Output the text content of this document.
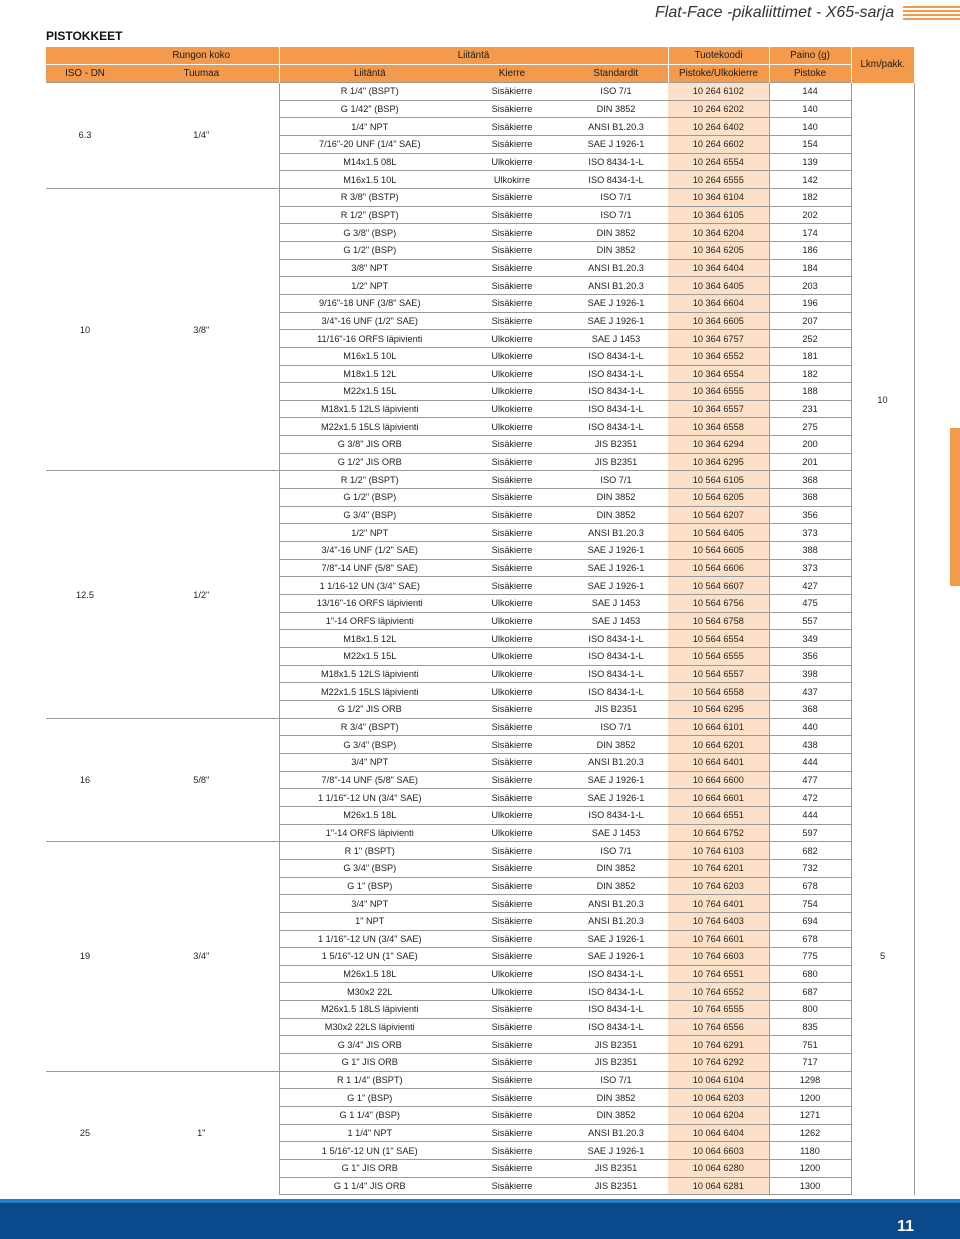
Flat-Face -pikaliittimet - X65-sarja
PISTOKKEET
	Rungon koko	Liitäntä			Tuotekoodi	Paino (g)	Lkm/pakk.
ISO - DN	Tuumaa	Liitäntä	Kierre	Standardit	Pistoke/Ulkokierre	Pistoke	
6.3	1/4"	R 1/4" (BSPT)	Sisäkierre	ISO 7/1	10 264 6102	144	10
		G 1/42" (BSP)	Sisäkierre	DIN 3852	10 264 6202	140	
		1/4" NPT	Sisäkierre	ANSI B1.20.3	10 264 6402	140	
		7/16"-20 UNF (1/4" SAE)	Sisäkierre	SAE J 1926-1	10 264 6602	154	
		M14x1.5 08L	Ulkokierre	ISO 8434-1-L	10 264 6554	139	
		M16x1.5 10L	Ulkokirre	ISO 8434-1-L	10 264 6555	142	
10	3/8"	R 3/8" (BSTP)	Sisäkierre	ISO 7/1	10 364 6104	182	
		R 1/2" (BSPT)	Sisäkierre	ISO 7/1	10 364 6105	202	
		G 3/8" (BSP)	Sisäkierre	DIN 3852	10 364 6204	174	
		G 1/2" (BSP)	Sisäkierre	DIN 3852	10 364 6205	186	
		3/8" NPT	Sisäkierre	ANSI B1.20.3	10 364 6404	184	
		1/2" NPT	Sisäkierre	ANSI B1.20.3	10 364 6405	203	
		9/16"-18 UNF (3/8" SAE)	Sisäkierre	SAE J 1926-1	10 364 6604	196	
		3/4"-16 UNF (1/2" SAE)	Sisäkierre	SAE J 1926-1	10 364 6605	207	
		11/16"-16 ORFS läpivienti	Ulkokierre	SAE J 1453	10 364 6757	252	
		M16x1.5 10L	Ulkokierre	ISO 8434-1-L	10 364 6552	181	
		M18x1.5 12L	Ulkokierre	ISO 8434-1-L	10 364 6554	182	
		M22x1.5 15L	Ulkokierre	ISO 8434-1-L	10 364 6555	188	
		M18x1.5 12LS läpivienti	Ulkokierre	ISO 8434-1-L	10 364 6557	231	
		M22x1.5 15LS läpivienti	Ulkokierre	ISO 8434-1-L	10 364 6558	275	
		G 3/8" JIS ORB	Sisäkierre	JIS B2351	10 364 6294	200	
		G 1/2" JIS ORB	Sisäkierre	JIS B2351	10 364 6295	201	
12.5	1/2"	R 1/2" (BSPT)	Sisäkierre	ISO 7/1	10 564 6105	368	
		G 1/2" (BSP)	Sisäkierre	DIN 3852	10 564 6205	368	
		G 3/4" (BSP)	Sisäkierre	DIN 3852	10 564 6207	356	
		1/2" NPT	Sisäkierre	ANSI B1.20.3	10 564 6405	373	
		3/4"-16 UNF (1/2" SAE)	Sisäkierre	SAE J 1926-1	10 564 6605	388	
		7/8"-14 UNF (5/8" SAE)	Sisäkierre	SAE J 1926-1	10 564 6606	373	
		1 1/16-12 UN (3/4" SAE)	Sisäkierre	SAE J 1926-1	10 564 6607	427	
		13/16"-16 ORFS läpivienti	Ulkokierre	SAE J 1453	10 564 6756	475	
		1"-14 ORFS läpivienti	Ulkokierre	SAE J 1453	10 564 6758	557	
		M18x1.5 12L	Ulkokierre	ISO 8434-1-L	10 564 6554	349	
		M22x1.5 15L	Ulkokierre	ISO 8434-1-L	10 564 6555	356	
		M18x1.5 12LS läpivienti	Ulkokierre	ISO 8434-1-L	10 564 6557	398	
		M22x1.5 15LS läpivienti	Ulkokierre	ISO 8434-1-L	10 564 6558	437	
		G 1/2" JIS ORB	Sisäkierre	JIS B2351	10 564 6295	368	
16	5/8"	R 3/4" (BSPT)	Sisäkierre	ISO 7/1	10 664 6101	440	5
		G 3/4" (BSP)	Sisäkierre	DIN 3852	10 664 6201	438	
		3/4" NPT	Sisäkierre	ANSI B1.20.3	10 664 6401	444	
		7/8"-14 UNF (5/8" SAE)	Sisäkierre	SAE J 1926-1	10 664 6600	477	
		1 1/16"-12 UN (3/4" SAE)	Sisäkierre	SAE J 1926-1	10 664 6601	472	
		M26x1.5 18L	Ulkokierre	ISO 8434-1-L	10 664 6551	444	
		1"-14 ORFS läpivienti	Ulkokierre	SAE J 1453	10 664 6752	597	
19	3/4"	R 1" (BSPT)	Sisäkierre	ISO 7/1	10 764 6103	682	
		G 3/4" (BSP)	Sisäkierre	DIN 3852	10 764 6201	732	
		G 1" (BSP)	Sisäkierre	DIN 3852	10 764 6203	678	
		3/4" NPT	Sisäkierre	ANSI B1.20.3	10 764 6401	754	
		1" NPT	Sisäkierre	ANSI B1.20.3	10 764 6403	694	
		1 1/16"-12 UN (3/4" SAE)	Sisäkierre	SAE J 1926-1	10 764 6601	678	
		1 5/16"-12 UN (1" SAE)	Sisäkierre	SAE J 1926-1	10 764 6603	775	
		M26x1.5 18L	Ulkokierre	ISO 8434-1-L	10 764 6551	680	
		M30x2 22L	Ulkokierre	ISO 8434-1-L	10 764 6552	687	
		M26x1.5 18LS läpivienti	Sisäkierre	ISO 8434-1-L	10 764 6555	800	
		M30x2 22LS läpivienti	Sisäkierre	ISO 8434-1-L	10 764 6556	835	
		G 3/4" JIS ORB	Sisäkierre	JIS B2351	10 764 6291	751	
		G 1" JIS ORB	Sisäkierre	JIS B2351	10 764 6292	717	
25	1"	R 1 1/4" (BSPT)	Sisäkierre	ISO 7/1	10 064 6104	1298	
		G 1" (BSP)	Sisäkierre	DIN 3852	10 064 6203	1200	
		G 1 1/4" (BSP)	Sisäkierre	DIN 3852	10 064 6204	1271	
		1 1/4" NPT	Sisäkierre	ANSI B1.20.3	10 064 6404	1262	
		1 5/16"-12 UN (1" SAE)	Sisäkierre	SAE J 1926-1	10 064 6603	1180	
		G 1" JIS ORB	Sisäkierre	JIS B2351	10 064 6280	1200	
		G 1 1/4" JIS ORB	Sisäkierre	JIS B2351	10 064 6281	1300	
11
